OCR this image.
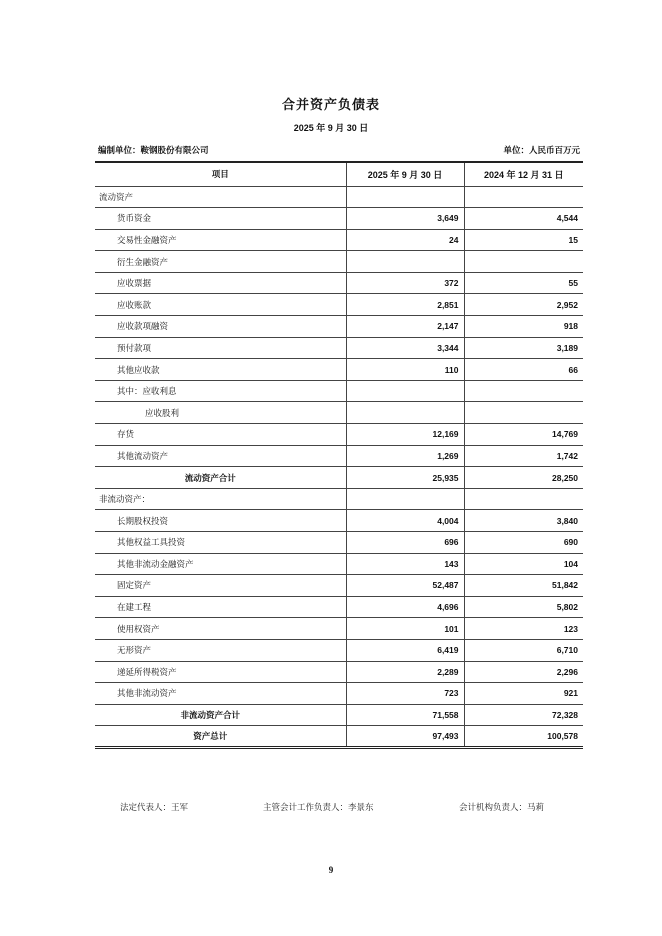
合并资产负债表
2025 年 9 月 30 日
编制单位：鞍钢股份有限公司	单位：人民币百万元
项目	2025 年 9 月 30 日	2024 年 12 月 31 日
流动资产		
货币资金	3,649	4,544
交易性金融资产	24	15
衍生金融资产		
应收票据	372	55
应收账款	2,851	2,952
应收款项融资	2,147	918
预付款项	3,344	3,189
其他应收款	110	66
其中：应收利息		
应收股利		
存货	12,169	14,769
其他流动资产	1,269	1,742
流动资产合计	25,935	28,250
非流动资产：		
长期股权投资	4,004	3,840
其他权益工具投资	696	690
其他非流动金融资产	143	104
固定资产	52,487	51,842
在建工程	4,696	5,802
使用权资产	101	123
无形资产	6,419	6,710
递延所得税资产	2,289	2,296
其他非流动资产	723	921
非流动资产合计	71,558	72,328
资产总计	97,493	100,578
法定代表人：王军	主管会计工作负责人：李景东	会计机构负责人：马莉
9
